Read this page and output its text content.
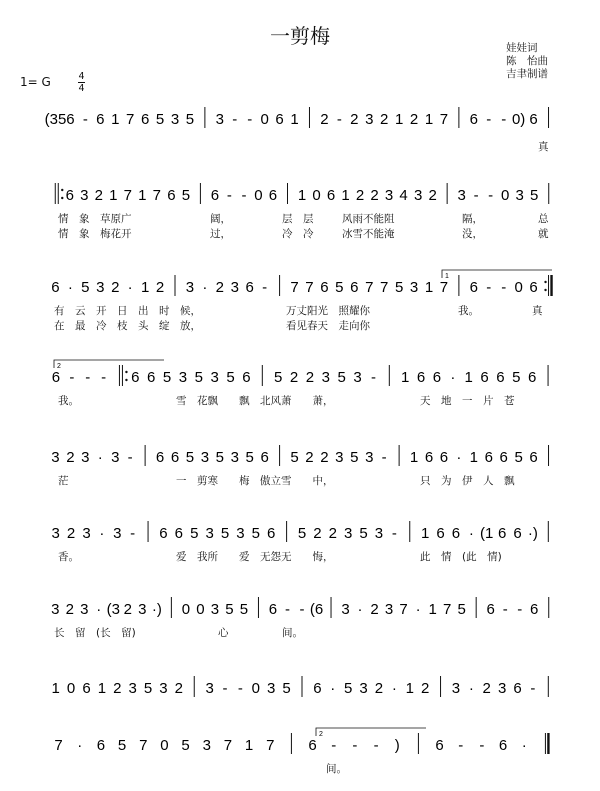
一剪梅	娃娃词
陈　怡曲
吉聿制谱
1= G	4
4
(35 6 - 6 1 7 6 5 3 5 3 - - 0 6 1 2 - 2 3 2 1 2 1 7 6 - - 0) 6
6 3 2 1 7 1 7 6 5 6 - - 0 6 1 0 6 1 2 2 3 4 3 2 3 - - 0 3 5
6 · 5 3 2 · 1 2 3 · 2 3 6 - 7 7 6 5 6 7 7 5 3 1 7 6 - - 0 6
6 - - - 6 6 5 3 5 3 5 6 5 2 2 3 5 3 - 1 6 6 · 1 6 6 5 6
3 2 3 · 3 - 6 6 5 3 5 3 5 6 5 2 2 3 5 3 - 1 6 6 · 1 6 6 5 6
3 2 3 · 3 - 6 6 5 3 5 3 5 6 5 2 2 3 5 3 - 1 6 6 · (1 6 6 ·)
3 2 3 · (3 2 3 ·) 0 0 3 5 5 6 - - (6 3 · 2 3 7 · 1 7 5 6 - - 6
1 0 6 1 2 3 5 3 2 3 - - 0 3 5 6 · 5 3 2 · 1 2 3 · 2 3 6 -
7 · 6 5 7 0 5 3 7 1 7 6 - - - ) 6 - - 6 ·
1
2
2
真
情　象　草原广	阔，	层　层	风雨不能阻	隔，	总
情　象　梅花开	过，	冷　冷	冰雪不能淹	没，	就
有　云　开　日　出　时　候，	万丈阳光　照耀你	我。	真
在　最　冷　枝　头　绽　放，	看见春天　走向你
我。	雪　花飘　　飘　北风萧　　萧，	天　地　一　片　苍
茫	一　剪寒　　梅　傲立雪　　中，	只　为　伊　人　飘
香。	爱　我所　　爱　无怨无　　悔，	此　情　(此　情)
长　留　(长　留)	心	间。
间。
